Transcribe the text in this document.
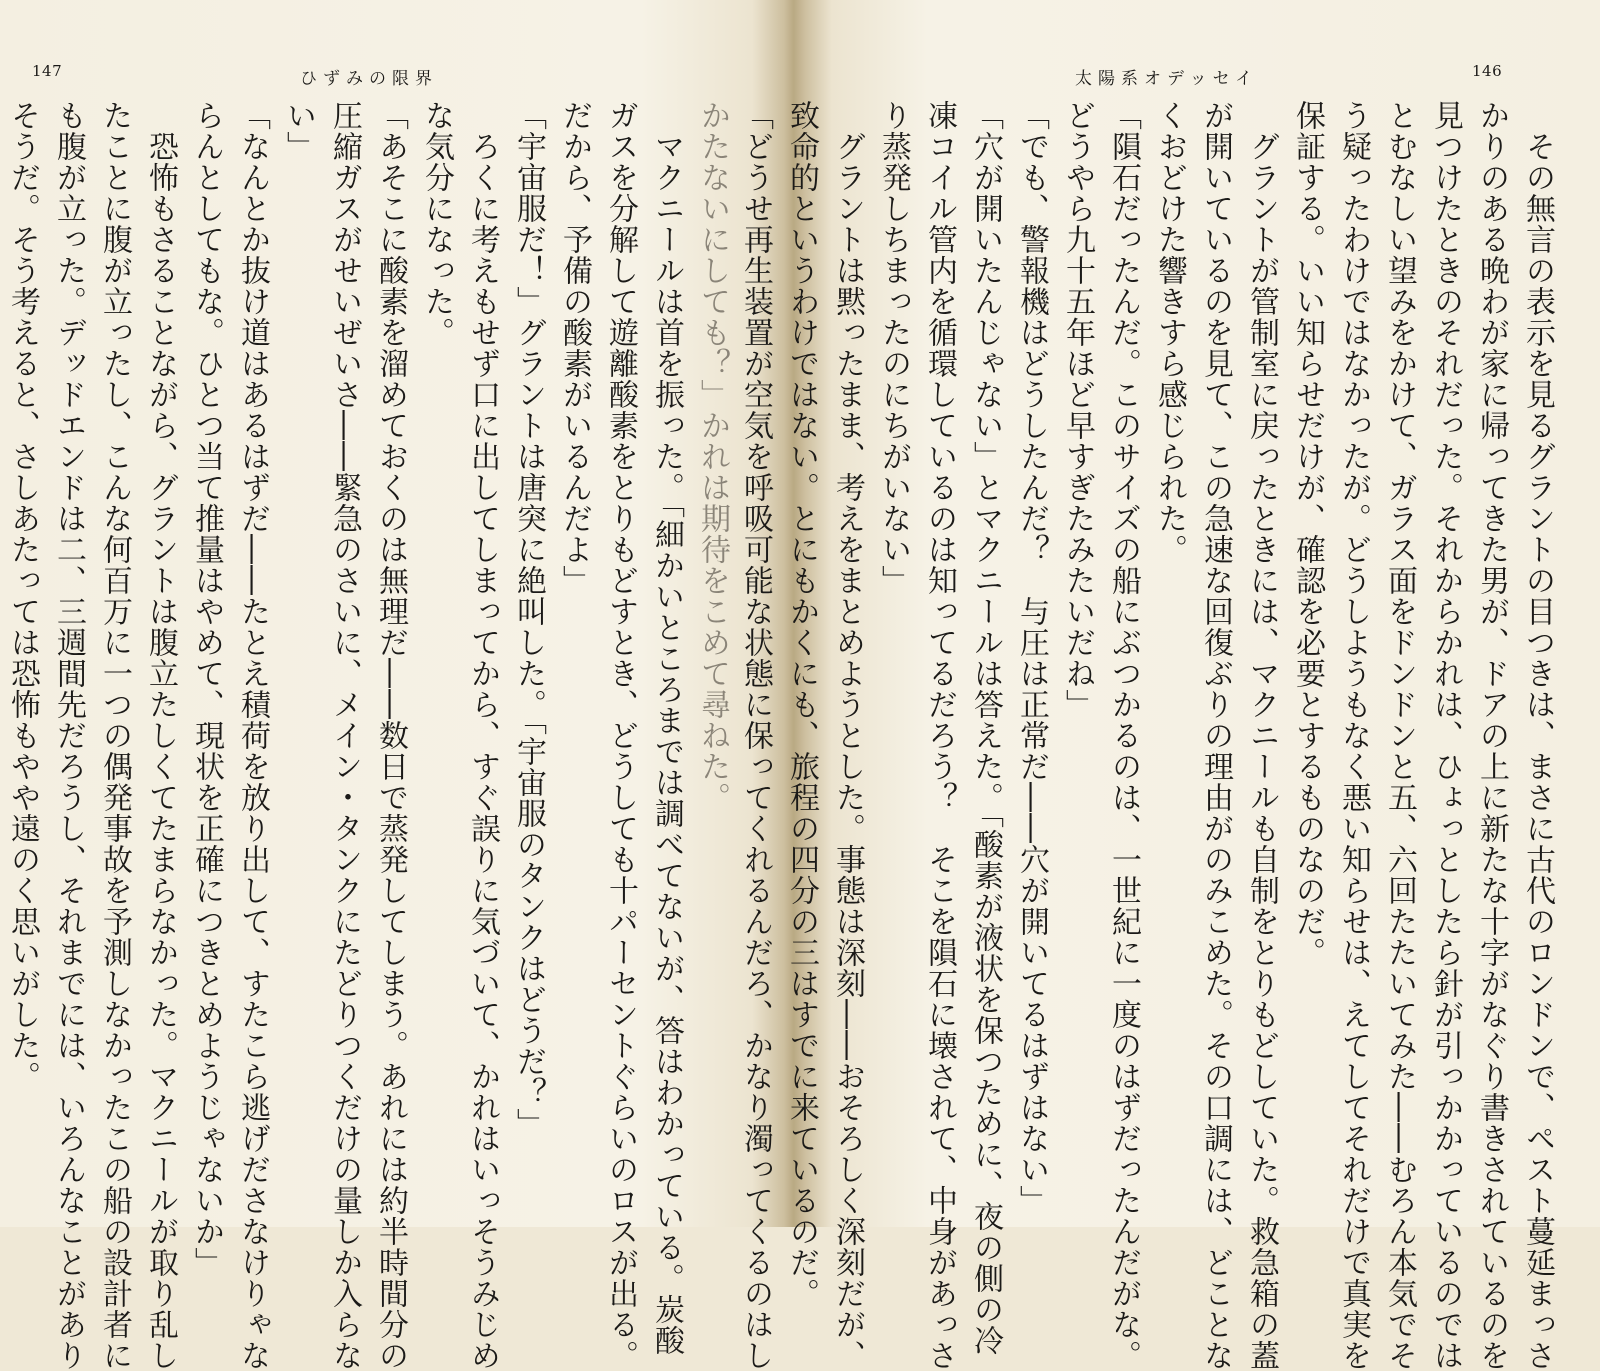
147	ひずみの限界
かたないにしても？」かれは期待をこめて尋ねた。
　マクニールは首を振った。「細かいところまでは調べてないが、答はわかっている。炭酸
ガスを分解して遊離酸素をとりもどすとき、どうしても十パーセントぐらいのロスが出る。
だから、予備の酸素がいるんだよ」
「宇宙服だ！」グラントは唐突に絶叫した。「宇宙服のタンクはどうだ？」
　ろくに考えもせず口に出してしまってから、すぐ誤りに気づいて、かれはいっそうみじめ
な気分になった。
「あそこに酸素を溜めておくのは無理だ――数日で蒸発してしまう。あれには約半時間分の
圧縮ガスがせいぜいさ――緊急のさいに、メイン・タンクにたどりつくだけの量しか入らな
い」
「なんとか抜け道はあるはずだ――たとえ積荷を放り出して、すたこら逃げださなけりゃな
らんとしてもな。ひとつ当て推量はやめて、現状を正確につきとめようじゃないか」
　恐怖もさることながら、グラントは腹立たしくてたまらなかった。マクニールが取り乱し
たことに腹が立ったし、こんな何百万に一つの偶発事故を予測しなかったこの船の設計者に
も腹が立った。デッドエンドは二、三週間先だろうし、それまでには、いろんなことがあり
そうだ。そう考えると、さしあたっては恐怖もやや遠のく思いがした。
太陽系オデッセイ	146
　その無言の表示を見るグラントの目つきは、まさに古代のロンドンで、ペスト蔓延まっさ
かりのある晩わが家に帰ってきた男が、ドアの上に新たな十字がなぐり書きされているのを
見つけたときのそれだった。それからかれは、ひょっとしたら針が引っかかっているのでは
とむなしい望みをかけて、ガラス面をドンドンと五、六回たたいてみた――むろん本気でそ
う疑ったわけではなかったが。どうしようもなく悪い知らせは、えてしてそれだけで真実を
保証する。いい知らせだけが、確認を必要とするものなのだ。
　グラントが管制室に戻ったときには、マクニールも自制をとりもどしていた。救急箱の蓋
が開いているのを見て、この急速な回復ぶりの理由がのみこめた。その口調には、どことな
くおどけた響きすら感じられた。
「隕石だったんだ。このサイズの船にぶつかるのは、一世紀に一度のはずだったんだがな。
どうやら九十五年ほど早すぎたみたいだね」
「でも、警報機はどうしたんだ？　与圧は正常だ――穴が開いてるはずはない」
「穴が開いたんじゃない」とマクニールは答えた。「酸素が液状を保つために、夜の側の冷
凍コイル管内を循環しているのは知ってるだろう？　そこを隕石に壊されて、中身があっさ
り蒸発しちまったのにちがいない」
　グラントは黙ったまま、考えをまとめようとした。事態は深刻――おそろしく深刻だが、
致命的というわけではない。とにもかくにも、旅程の四分の三はすでに来ているのだ。
「どうせ再生装置が空気を呼吸可能な状態に保ってくれるんだろ、かなり濁ってくるのはし
